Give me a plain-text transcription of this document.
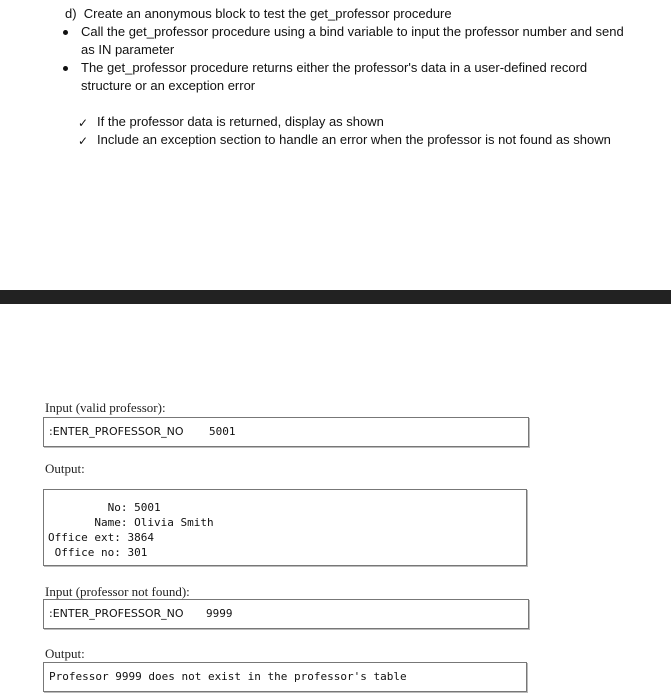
d)  Create an anonymous block to test the get_professor procedure
Call the get_professor procedure using a bind variable to input the professor number and send
as IN parameter
The get_professor procedure returns either the professor's data in a user-defined record
structure or an exception error
✓ If the professor data is returned, display as shown
✓ Include an exception section to handle an error when the professor is not found as shown
Input (valid professor):
:ENTER_PROFESSOR_NO 5001
Output:
No: 5001
Name: Olivia Smith
Office ext: 3864
Office no: 301
Input (professor not found):
:ENTER_PROFESSOR_NO 9999
Output:
Professor 9999 does not exist in the professor's table
